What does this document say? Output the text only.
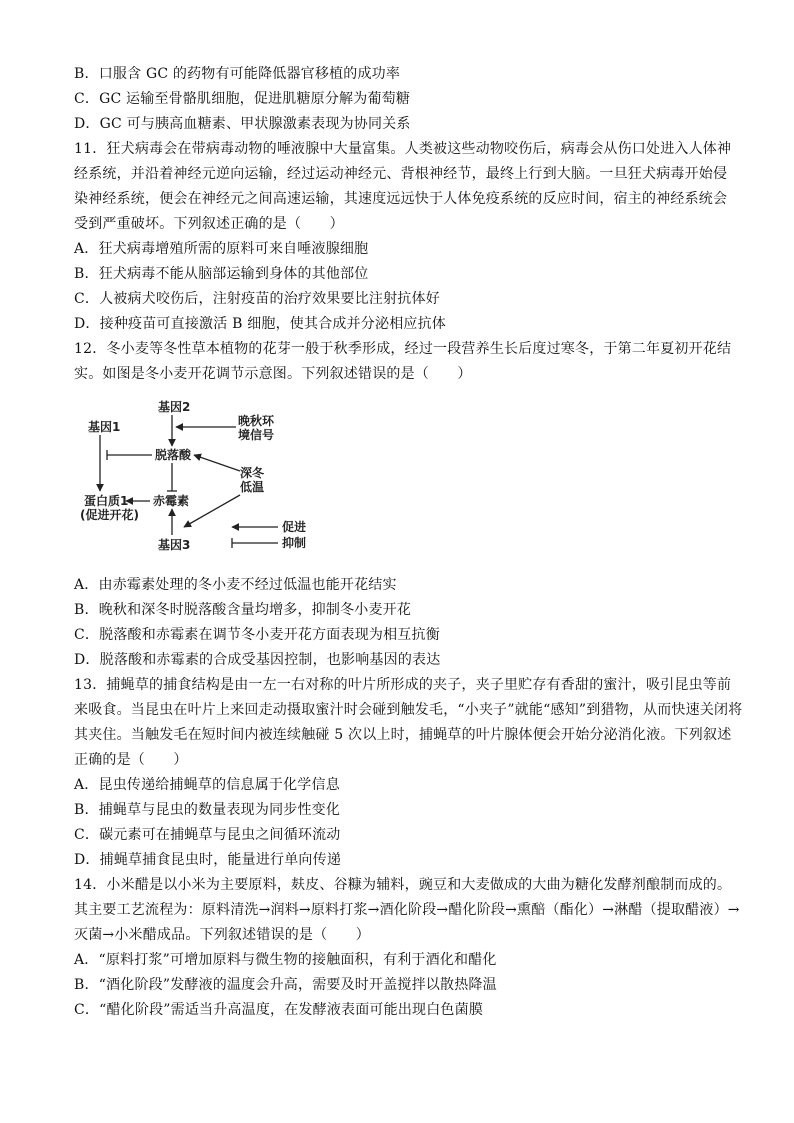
B．口服含 GC 的药物有可能降低器官移植的成功率
C．GC 运输至骨骼肌细胞，促进肌糖原分解为葡萄糖
D．GC 可与胰高血糖素、甲状腺激素表现为协同关系
11．狂犬病毒会在带病毒动物的唾液腺中大量富集。人类被这些动物咬伤后，病毒会从伤口处进入人体神
经系统，并沿着神经元逆向运输，经过运动神经元、背根神经节，最终上行到大脑。一旦狂犬病毒开始侵
染神经系统，便会在神经元之间高速运输，其速度远远快于人体免疫系统的反应时间，宿主的神经系统会
受到严重破坏。下列叙述正确的是（　　）
A．狂犬病毒增殖所需的原料可来自唾液腺细胞
B．狂犬病毒不能从脑部运输到身体的其他部位
C．人被病犬咬伤后，注射疫苗的治疗效果要比注射抗体好
D．接种疫苗可直接激活 B 细胞，使其合成并分泌相应抗体
12．冬小麦等冬性草本植物的花芽一般于秋季形成，经过一段营养生长后度过寒冬，于第二年夏初开花结
实。如图是冬小麦开花调节示意图。下列叙述错误的是（　　）
基因2
基因1	晚秋环
境信号
脱落酸
深冬
低温
蛋白质1
(促进开花)
赤霉素
基因3
促进
抑制
A．由赤霉素处理的冬小麦不经过低温也能开花结实
B．晚秋和深冬时脱落酸含量均增多，抑制冬小麦开花
C．脱落酸和赤霉素在调节冬小麦开花方面表现为相互抗衡
D．脱落酸和赤霉素的合成受基因控制，也影响基因的表达
13．捕蝇草的捕食结构是由一左一右对称的叶片所形成的夹子，夹子里贮存有香甜的蜜汁，吸引昆虫等前
来吸食。当昆虫在叶片上来回走动摄取蜜汁时会碰到触发毛，“小夹子”就能“感知”到猎物，从而快速关闭将
其夹住。当触发毛在短时间内被连续触碰 5 次以上时，捕蝇草的叶片腺体便会开始分泌消化液。下列叙述
正确的是（　　）
A．昆虫传递给捕蝇草的信息属于化学信息
B．捕蝇草与昆虫的数量表现为同步性变化
C．碳元素可在捕蝇草与昆虫之间循环流动
D．捕蝇草捕食昆虫时，能量进行单向传递
14．小米醋是以小米为主要原料，麸皮、谷糠为辅料，豌豆和大麦做成的大曲为糖化发酵剂酿制而成的。
其主要工艺流程为：原料清洗→润料→原料打浆→酒化阶段→醋化阶段→熏醅（酯化）→淋醋（提取醋液）→
灭菌→小米醋成品。下列叙述错误的是（　　）
A．“原料打浆”可增加原料与微生物的接触面积，有利于酒化和醋化
B．“酒化阶段”发酵液的温度会升高，需要及时开盖搅拌以散热降温
C．“醋化阶段”需适当升高温度，在发酵液表面可能出现白色菌膜
